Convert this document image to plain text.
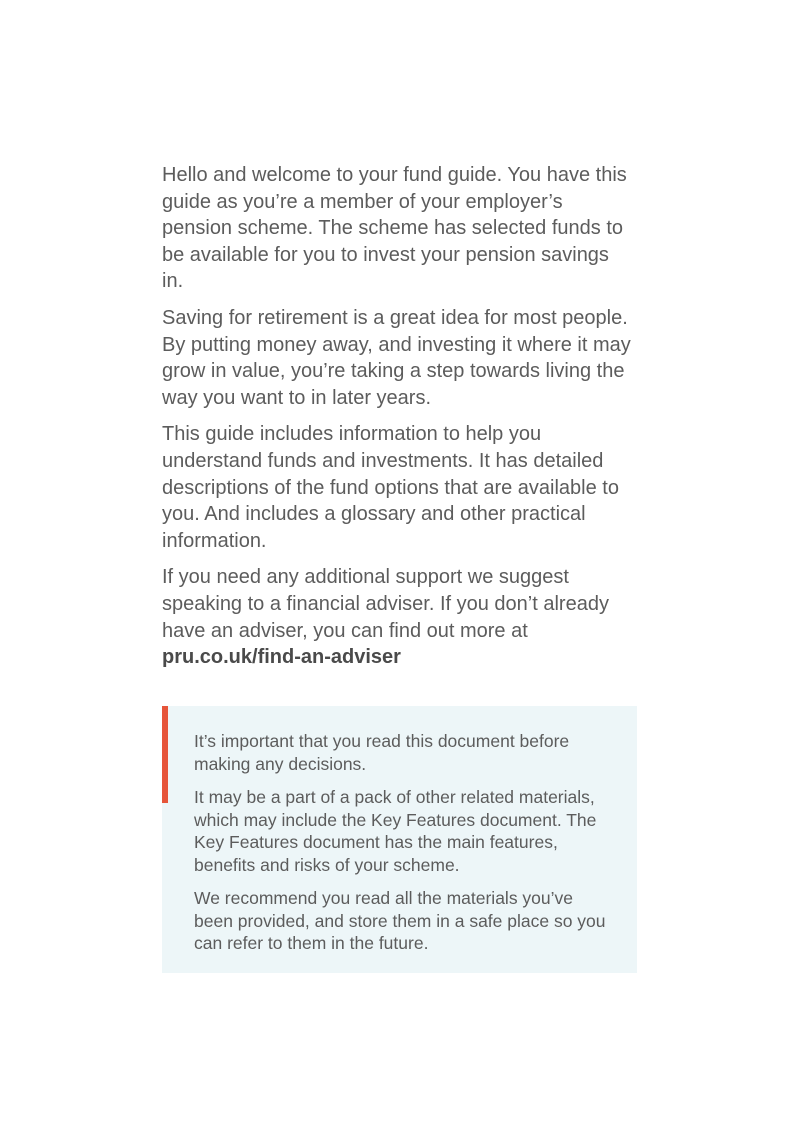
Hello and welcome to your fund guide. You have this guide as you’re a member of your employer’s pension scheme. The scheme has selected funds to be available for you to invest your pension savings in.

Saving for retirement is a great idea for most people. By putting money away, and investing it where it may grow in value, you’re taking a step towards living the way you want to in later years.

This guide includes information to help you understand funds and investments. It has detailed descriptions of the fund options that are available to you. And includes a glossary and other practical information.

If you need any additional support we suggest speaking to a financial adviser. If you don’t already have an adviser, you can find out more at pru.co.uk/find-an-adviser

It’s important that you read this document before making any decisions.

It may be a part of a pack of other related materials, which may include the Key Features document. The Key Features document has the main features, benefits and risks of your scheme.

We recommend you read all the materials you’ve been provided, and store them in a safe place so you can refer to them in the future.
